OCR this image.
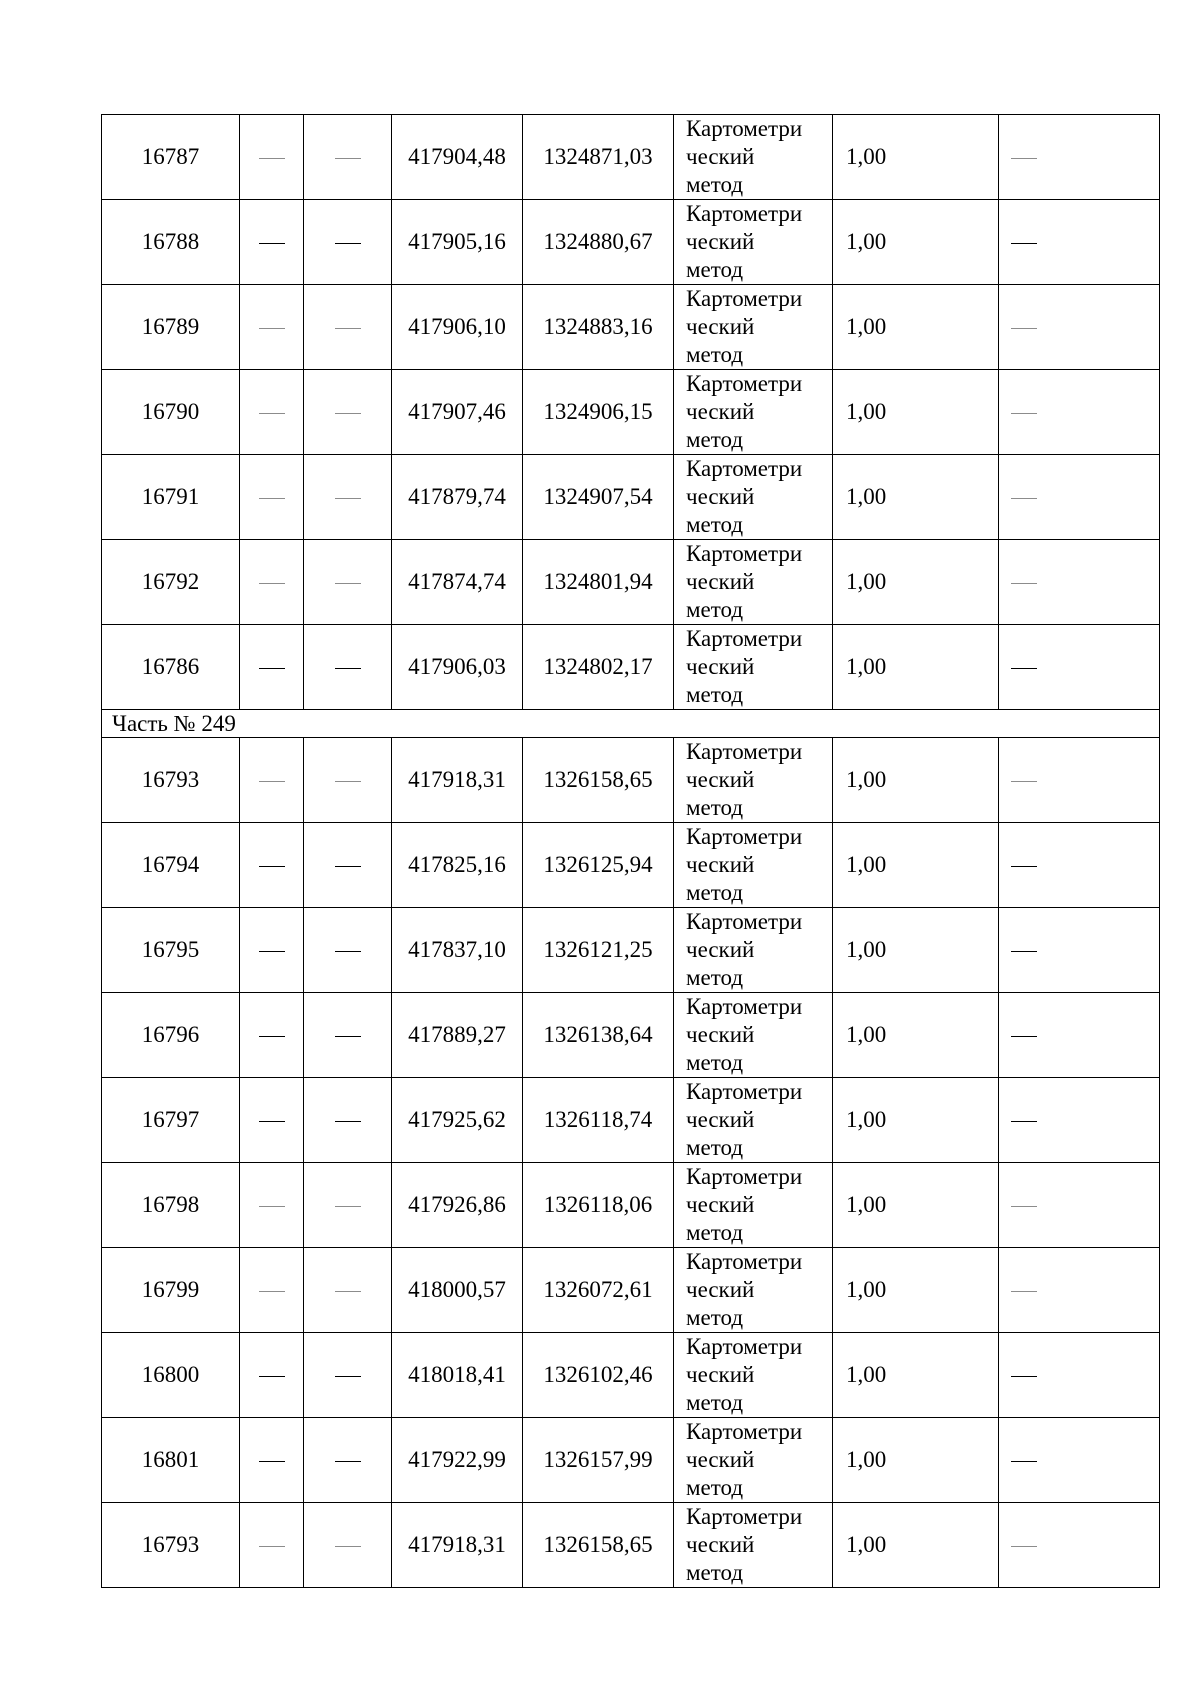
16787			417904,48	1324871,03	Картометри
ческий
метод	1,00	
16788			417905,16	1324880,67	Картометри
ческий
метод	1,00	
16789			417906,10	1324883,16	Картометри
ческий
метод	1,00	
16790			417907,46	1324906,15	Картометри
ческий
метод	1,00	
16791			417879,74	1324907,54	Картометри
ческий
метод	1,00	
16792			417874,74	1324801,94	Картометри
ческий
метод	1,00	
16786			417906,03	1324802,17	Картометри
ческий
метод	1,00	
Часть № 249							
16793			417918,31	1326158,65	Картометри
ческий
метод	1,00	
16794			417825,16	1326125,94	Картометри
ческий
метод	1,00	
16795			417837,10	1326121,25	Картометри
ческий
метод	1,00	
16796			417889,27	1326138,64	Картометри
ческий
метод	1,00	
16797			417925,62	1326118,74	Картометри
ческий
метод	1,00	
16798			417926,86	1326118,06	Картометри
ческий
метод	1,00	
16799			418000,57	1326072,61	Картометри
ческий
метод	1,00	
16800			418018,41	1326102,46	Картометри
ческий
метод	1,00	
16801			417922,99	1326157,99	Картометри
ческий
метод	1,00	
16793			417918,31	1326158,65	Картометри
ческий
метод	1,00	
